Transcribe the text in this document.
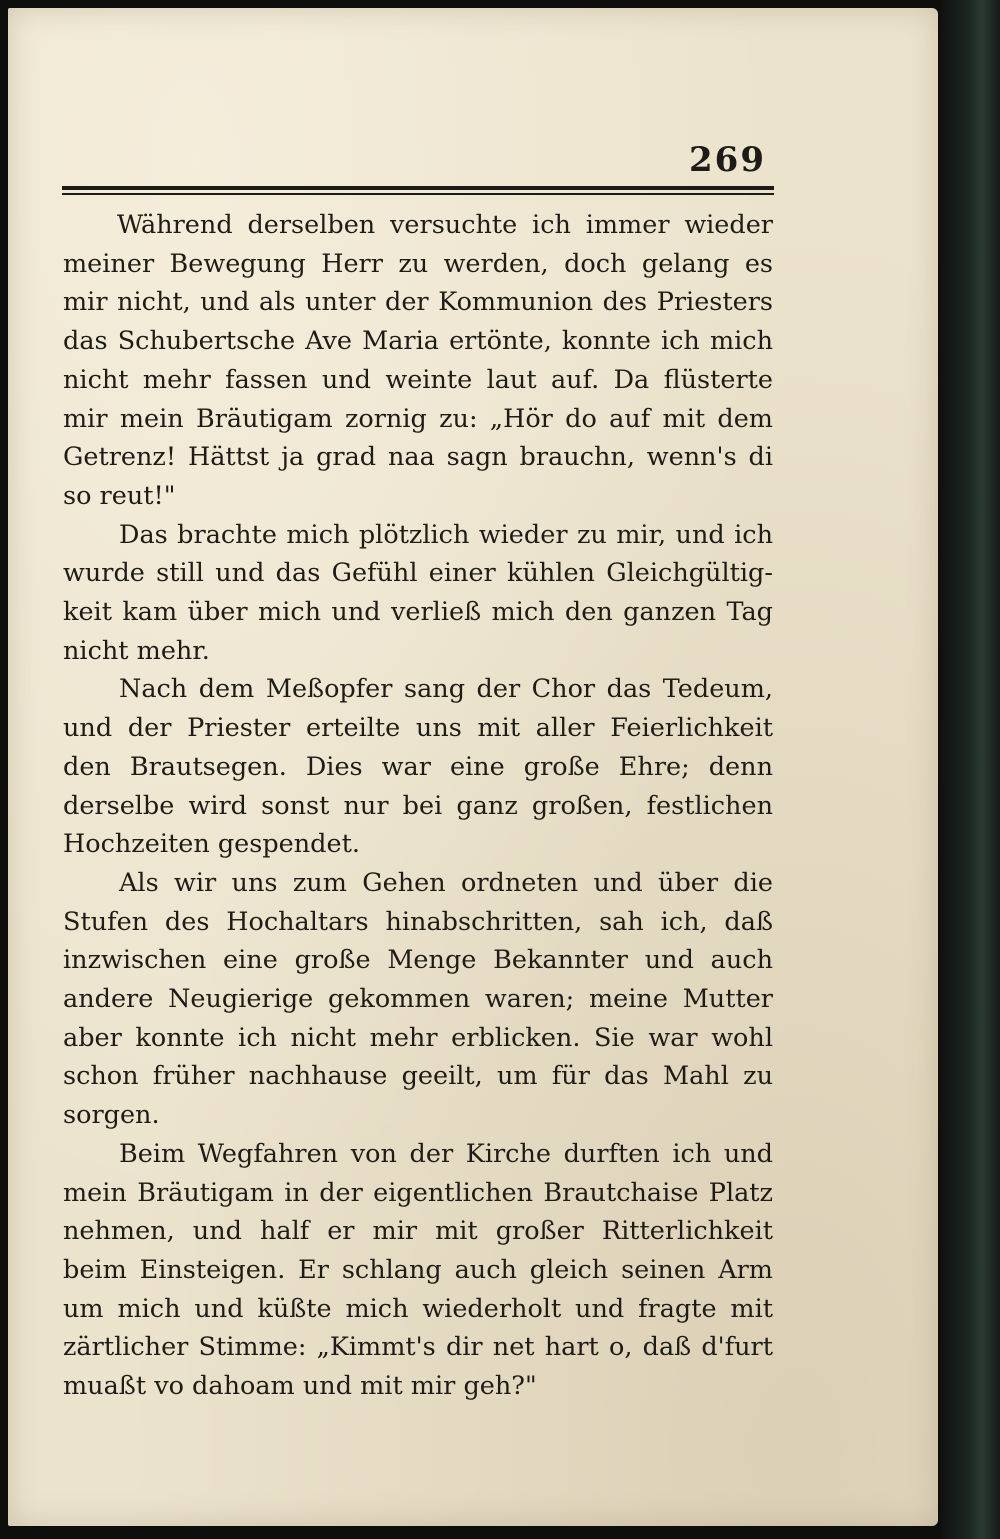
269

Während derselben versuchte ich immer wieder meiner Bewegung Herr zu werden, doch gelang es mir nicht, und als unter der Kommunion des Priesters das Schubertsche Ave Maria ertönte, konnte ich mich nicht mehr fassen und weinte laut auf. Da flüsterte mir mein Bräutigam zornig zu: „Hör do auf mit dem Getrenz! Hättst ja grad naa sagn brauchn, wenn's di so reut!"

Das brachte mich plötzlich wieder zu mir, und ich wurde still und das Gefühl einer kühlen Gleichgültigkeit kam über mich und verließ mich den ganzen Tag nicht mehr.

Nach dem Meßopfer sang der Chor das Tedeum, und der Priester erteilte uns mit aller Feierlichkeit den Brautsegen. Dies war eine große Ehre; denn derselbe wird sonst nur bei ganz großen, festlichen Hochzeiten gespendet.

Als wir uns zum Gehen ordneten und über die Stufen des Hochaltars hinabschritten, sah ich, daß inzwischen eine große Menge Bekannter und auch andere Neugierige gekommen waren; meine Mutter aber konnte ich nicht mehr erblicken. Sie war wohl schon früher nachhause geeilt, um für das Mahl zu sorgen.

Beim Wegfahren von der Kirche durften ich und mein Bräutigam in der eigentlichen Brautchaise Platz nehmen, und half er mir mit großer Ritterlichkeit beim Einsteigen. Er schlang auch gleich seinen Arm um mich und küßte mich wiederholt und fragte mit zärtlicher Stimme: „Kimmt's dir net hart o, daß d'furt muaßt vo dahoam und mit mir geh?"
